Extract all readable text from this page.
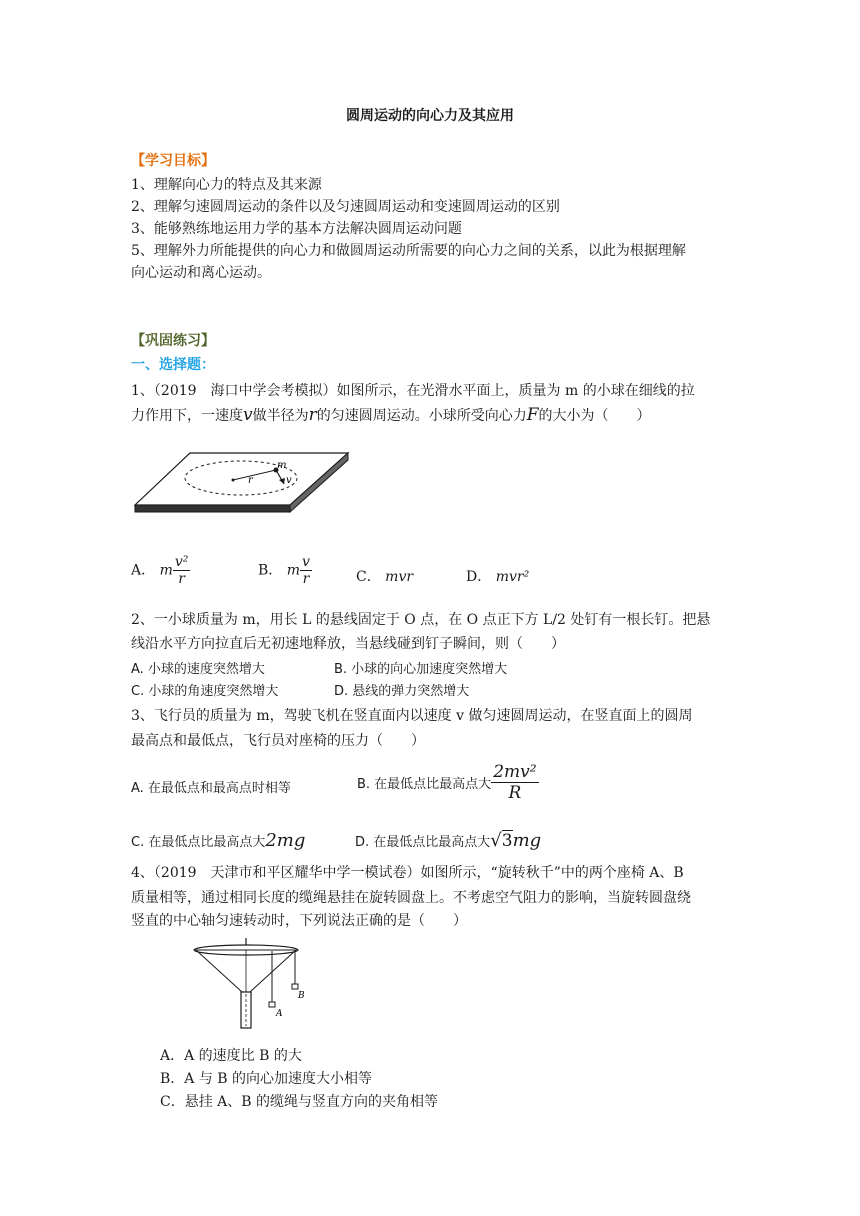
圆周运动的向心力及其应用
【学习目标】
1、理解向心力的特点及其来源
2、理解匀速圆周运动的条件以及匀速圆周运动和变速圆周运动的区别
3、能够熟练地运用力学的基本方法解决圆周运动问题
5、理解外力所能提供的向心力和做圆周运动所需要的向心力之间的关系，以此为根据理解
向心运动和离心运动。
【巩固练习】
一、选择题：
1、（2019　海口中学会考模拟）如图所示，在光滑水平面上，质量为 m 的小球在细线的拉
力作用下，一速度v做半径为r的匀速圆周运动。小球所受向心力F的大小为（　　）
m
r	v
A． m $\frac{\text{v²}}{r}$	B． m $\frac{v}{r}$	C． mvr	D． mvr²
2、一小球质量为 m，用长 L 的悬线固定于 O 点，在 O 点正下方 L/2 处钉有一根长钉。把悬
线沿水平方向拉直后无初速地释放，当悬线碰到钉子瞬间，则（　　）
A. 小球的速度突然增大	B. 小球的向心加速度突然增大
C. 小球的角速度突然增大	D. 悬线的弹力突然增大
3、飞行员的质量为 m，驾驶飞机在竖直面内以速度 v 做匀速圆周运动，在竖直面上的圆周
最高点和最低点，飞行员对座椅的压力（　　）
A. 在最低点和最高点时相等	B. 在最低点比最高点大 $\frac{\text{2mv²}}{R}$
C. 在最低点比最高点大2mg	D. 在最低点比最高点大√3mg
4、（2019　天津市和平区耀华中学一模试卷）如图所示，“旋转秋千”中的两个座椅 A、B
质量相等，通过相同长度的缆绳悬挂在旋转圆盘上。不考虑空气阻力的影响，当旋转圆盘绕
竖直的中心轴匀速转动时，下列说法正确的是（　　）
A
B
A．A 的速度比 B 的大
B．A 与 B 的向心加速度大小相等
C．悬挂 A、B 的缆绳与竖直方向的夹角相等
